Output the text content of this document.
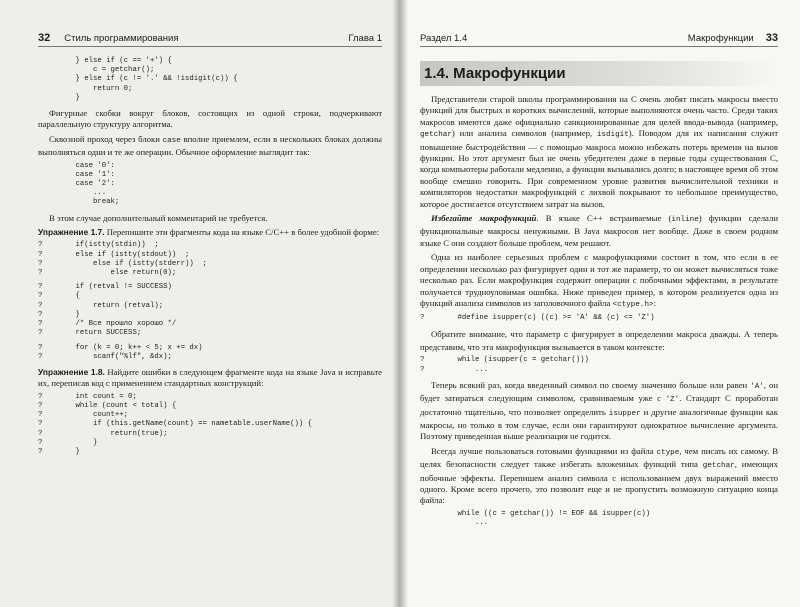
32 Стиль программирования	Глава 1
} else if (c == '+') {
c = getchar();
} else if (c != '.' && !isdigit(c)) {
return 0;
}

Фигурные скобки вокруг блоков, состоящих из одной строки, подчеркивают параллельную структуру алгоритма.

Сквозной проход через блоки case вполне приемлем, если в нескольких блоках должны выполняться одни и те же операции. Обычное оформление выглядит так:

case '0':
case '1':
case '2':
...
break;

В этом случае дополнительный комментарий не требуется.

Упражнение 1.7. Перепишите эти фрагменты кода на языке C/C++ в более удобной форме:

?	if(istty(stdin))  ;
?	else if (istty(stdout))  ;
?	else if (istty(stderr))  ;
?	else return(0);
?	if (retval != SUCCESS)
?	{
?	return (retval);
?	}
?	/* Все прошло хорошо */
?	return SUCCESS;
?	for (k = 0; k++ < 5; x += dx)
?	scanf("%lf", &dx);

Упражнение 1.8. Найдите ошибки в следующем фрагменте кода на языке Java и исправьте их, переписав код с применением стандартных конструкций:

?	int count = 0;
?	while (count < total) {
?	count++;
?	if (this.getName(count) == nametable.userName()) {
?	return(true);
?	}
?	}
Раздел 1.4	Макрофункции 33
1.4. Макрофункции

Представители старой школы программирования на C очень любят писать макросы вместо функций для быстрых и коротких вычислений, которые выполняются очень часто. Среди таких макросов имеются даже официально санкционированные для целей ввода-вывода (например, getchar) или анализа символов (например, isdigit). Поводом для их написания служит повышение быстродействия — с помощью макроса можно избежать потерь времени на вызов функции. Но этот аргумент был не очень убедителен даже в первые годы существования C, когда компьютеры работали медленно, а функции вызывались долго; в настоящее время об этом вообще смешно говорить. При современном уровне развития вычислительной техники и компиляторов недостатки макрофункций с лихвой покрывают то небольшое преимущество, которое достигается отсутствием затрат на вызов.

Избегайте макрофункций. В языке C++ встраиваемые (inline) функции сделали функциональные макросы ненужными. В Java макросов нет вообще. Даже в своем родном языке C они создают больше проблем, чем решают.

Одна из наиболее серьезных проблем с макрофункциями состоит в том, что если в ее определении несколько раз фигурирует один и тот же параметр, то он может вычисляться тоже несколько раз. Если макрофункция содержит операции с побочными эффектами, в результате получается трудноуловимая ошибка. Ниже приведен пример, в котором реализуется одна из функций анализа символов из заголовочного файла <ctype.h>:

?	#define isupper(c) ((c) >= 'A' && (c) <= 'Z')

Обратите внимание, что параметр c фигурирует в определении макроса дважды. А теперь представим, что эта макрофункция вызывается в таком контексте:

?	while (isupper(c = getchar()))
?	...

Теперь всякий раз, когда введенный символ по своему значению больше или равен 'A', он будет затираться следующим символом, сравниваемым уже с 'Z'. Стандарт C проработан достаточно тщательно, что позволяет определить isupper и другие аналогичные функции как макросы, но только в том случае, если они гарантируют однократное вычисление аргумента. Поэтому приведенная выше реализация не годится.

Всегда лучше пользоваться готовыми функциями из файла ctype, чем писать их самому. В целях безопасности следует также избегать вложенных функций типа getchar, имеющих побочные эффекты. Перепишем анализ символа с использованием двух выражений вместо одного. Кроме всего прочего, это позволит еще и не пропустить возможную ситуацию конца файла:

while ((c = getchar()) != EOF && isupper(c))
...
